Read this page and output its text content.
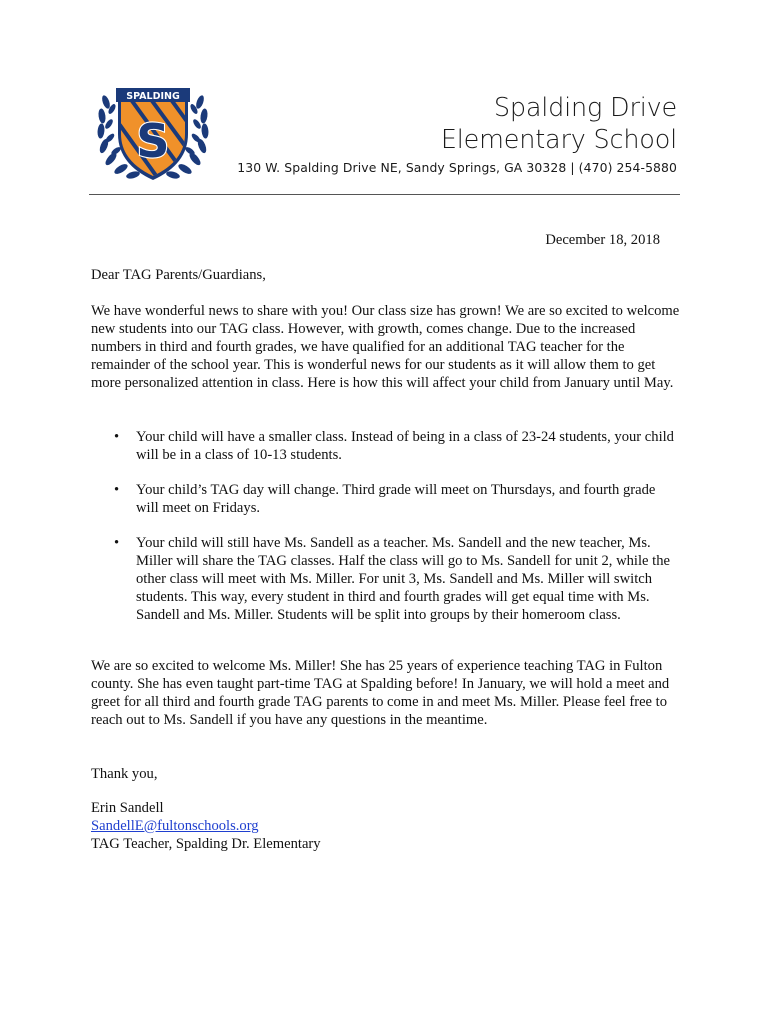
SPALDING
S
Spalding Drive
Elementary School
130 W. Spalding Drive NE, Sandy Springs, GA 30328 | (470) 254-5880
December 18, 2018
Dear TAG Parents/Guardians,
We have wonderful news to share with you! Our class size has grown! We are so excited to welcome new students into our TAG class. However, with growth, comes change. Due to the increased numbers in third and fourth grades, we have qualified for an additional TAG teacher for the remainder of the school year. This is wonderful news for our students as it will allow them to get more personalized attention in class. Here is how this will affect your child from January until May.
• Your child will have a smaller class. Instead of being in a class of 23-24 students, your child will be in a class of 10-13 students.
• Your child’s TAG day will change. Third grade will meet on Thursdays, and fourth grade will meet on Fridays.
• Your child will still have Ms. Sandell as a teacher. Ms. Sandell and the new teacher, Ms. Miller will share the TAG classes. Half the class will go to Ms. Sandell for unit 2, while the other class will meet with Ms. Miller. For unit 3, Ms. Sandell and Ms. Miller will switch students. This way, every student in third and fourth grades will get equal time with Ms. Sandell and Ms. Miller. Students will be split into groups by their homeroom class.
We are so excited to welcome Ms. Miller! She has 25 years of experience teaching TAG in Fulton county. She has even taught part-time TAG at Spalding before! In January, we will hold a meet and greet for all third and fourth grade TAG parents to come in and meet Ms. Miller. Please feel free to reach out to Ms. Sandell if you have any questions in the meantime.
Thank you,
Erin Sandell
SandellE@fultonschools.org
TAG Teacher, Spalding Dr. Elementary
